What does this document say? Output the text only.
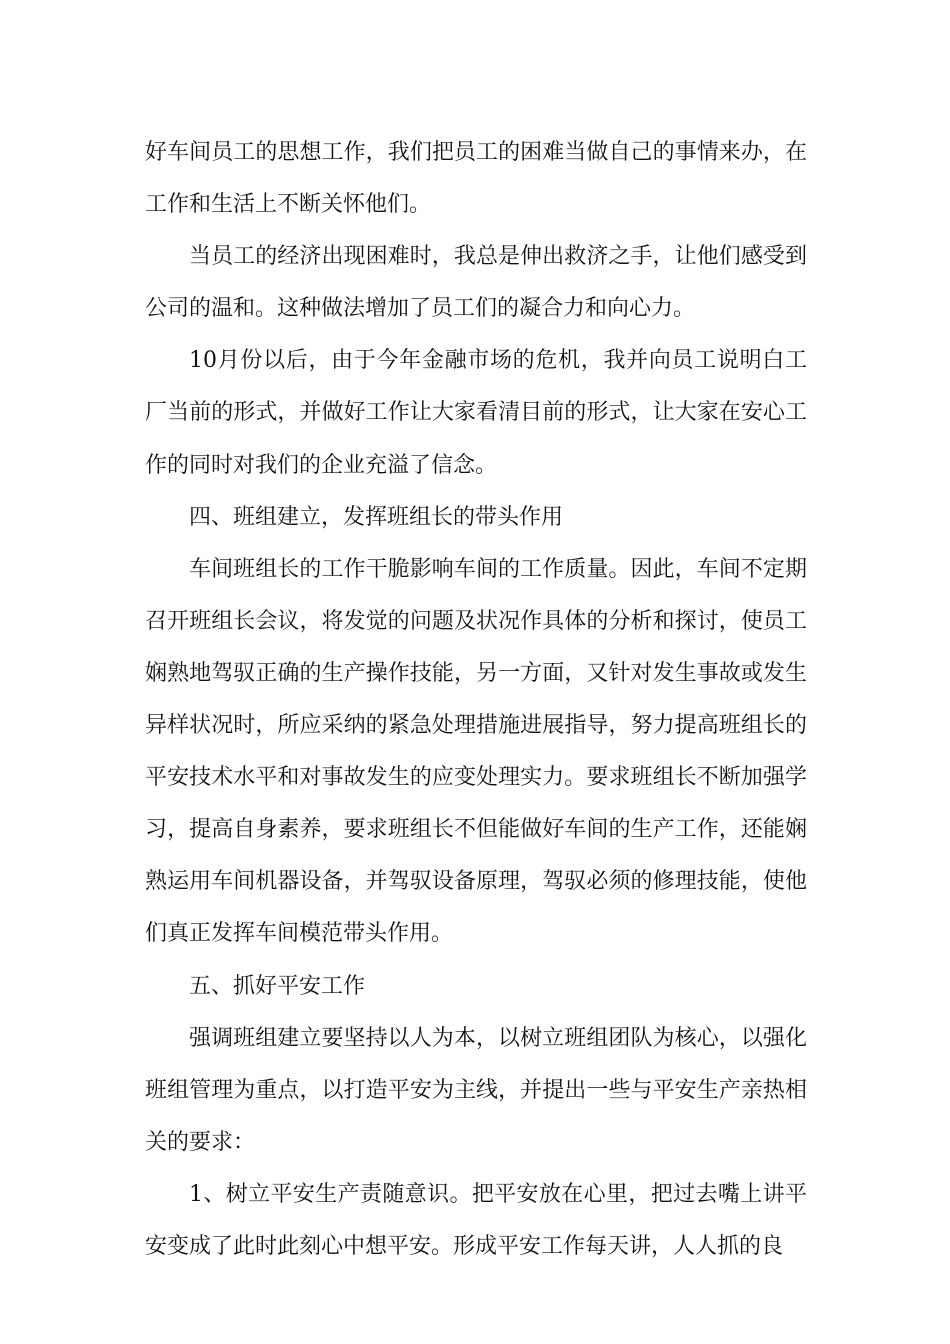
好车间员工的思想工作，我们把员工的困难当做自己的事情来办，在工作和生活上不断关怀他们。

当员工的经济出现困难时，我总是伸出救济之手，让他们感受到公司的温和。这种做法增加了员工们的凝合力和向心力。

10月份以后，由于今年金融市场的危机，我并向员工说明白工厂当前的形式，并做好工作让大家看清目前的形式，让大家在安心工作的同时对我们的企业充溢了信念。

四、班组建立，发挥班组长的带头作用

车间班组长的工作干脆影响车间的工作质量。因此，车间不定期召开班组长会议，将发觉的问题及状况作具体的分析和探讨，使员工娴熟地驾驭正确的生产操作技能，另一方面，又针对发生事故或发生异样状况时，所应采纳的紧急处理措施进展指导，努力提高班组长的平安技术水平和对事故发生的应变处理实力。要求班组长不断加强学习，提高自身素养，要求班组长不但能做好车间的生产工作，还能娴熟运用车间机器设备，并驾驭设备原理，驾驭必须的修理技能，使他们真正发挥车间模范带头作用。

五、抓好平安工作

强调班组建立要坚持以人为本，以树立班组团队为核心，以强化班组管理为重点，以打造平安为主线，并提出一些与平安生产亲热相关的要求：

1、树立平安生产责随意识。把平安放在心里，把过去嘴上讲平安变成了此时此刻心中想平安。形成平安工作每天讲，人人抓的良
